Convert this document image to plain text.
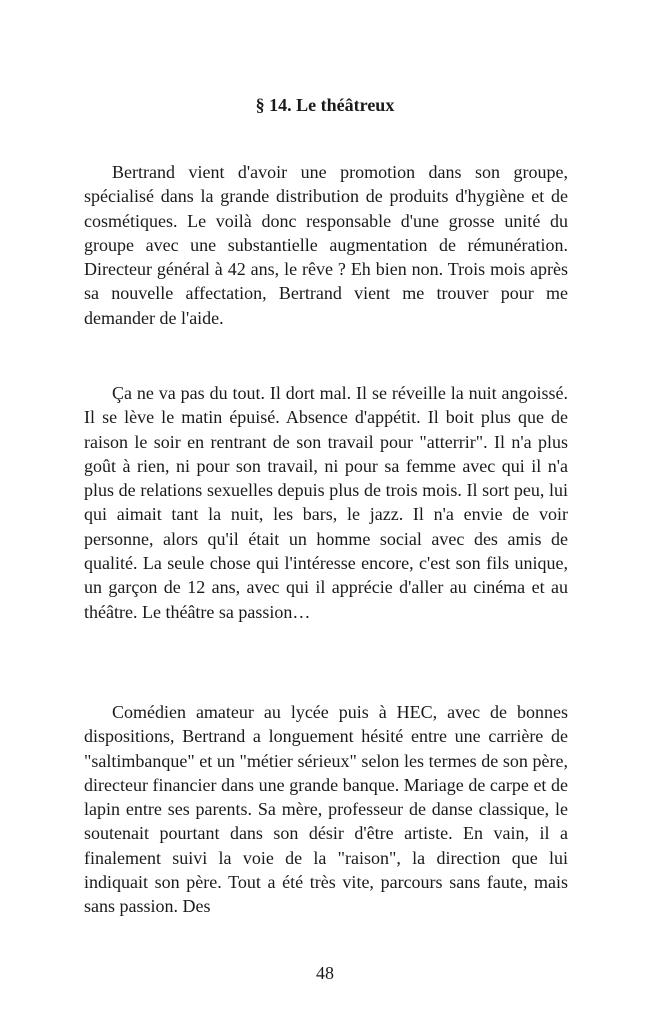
§ 14. Le théâtreux

Bertrand vient d'avoir une promotion dans son groupe, spécialisé dans la grande distribution de produits d'hygiène et de cosmétiques. Le voilà donc responsable d'une grosse unité du groupe avec une substantielle augmentation de rémunération. Directeur général à 42 ans, le rêve ? Eh bien non. Trois mois après sa nouvelle affectation, Bertrand vient me trouver pour me demander de l'aide.

Ça ne va pas du tout. Il dort mal. Il se réveille la nuit angoissé. Il se lève le matin épuisé. Absence d'appétit. Il boit plus que de raison le soir en rentrant de son travail pour "atterrir". Il n'a plus goût à rien, ni pour son travail, ni pour sa femme avec qui il n'a plus de relations sexuelles depuis plus de trois mois. Il sort peu, lui qui aimait tant la nuit, les bars, le jazz. Il n'a envie de voir personne, alors qu'il était un homme social avec des amis de qualité. La seule chose qui l'intéresse encore, c'est son fils unique, un garçon de 12 ans, avec qui il apprécie d'aller au cinéma et au théâtre. Le théâtre sa passion…

Comédien amateur au lycée puis à HEC, avec de bonnes dispositions, Bertrand a longuement hésité entre une carrière de "saltimbanque" et un "métier sérieux" selon les termes de son père, directeur financier dans une grande banque. Mariage de carpe et de lapin entre ses parents. Sa mère, professeur de danse classique, le soutenait pourtant dans son désir d'être artiste. En vain, il a finalement suivi la voie de la "raison", la direction que lui indiquait son père. Tout a été très vite, parcours sans faute, mais sans passion. Des

48
